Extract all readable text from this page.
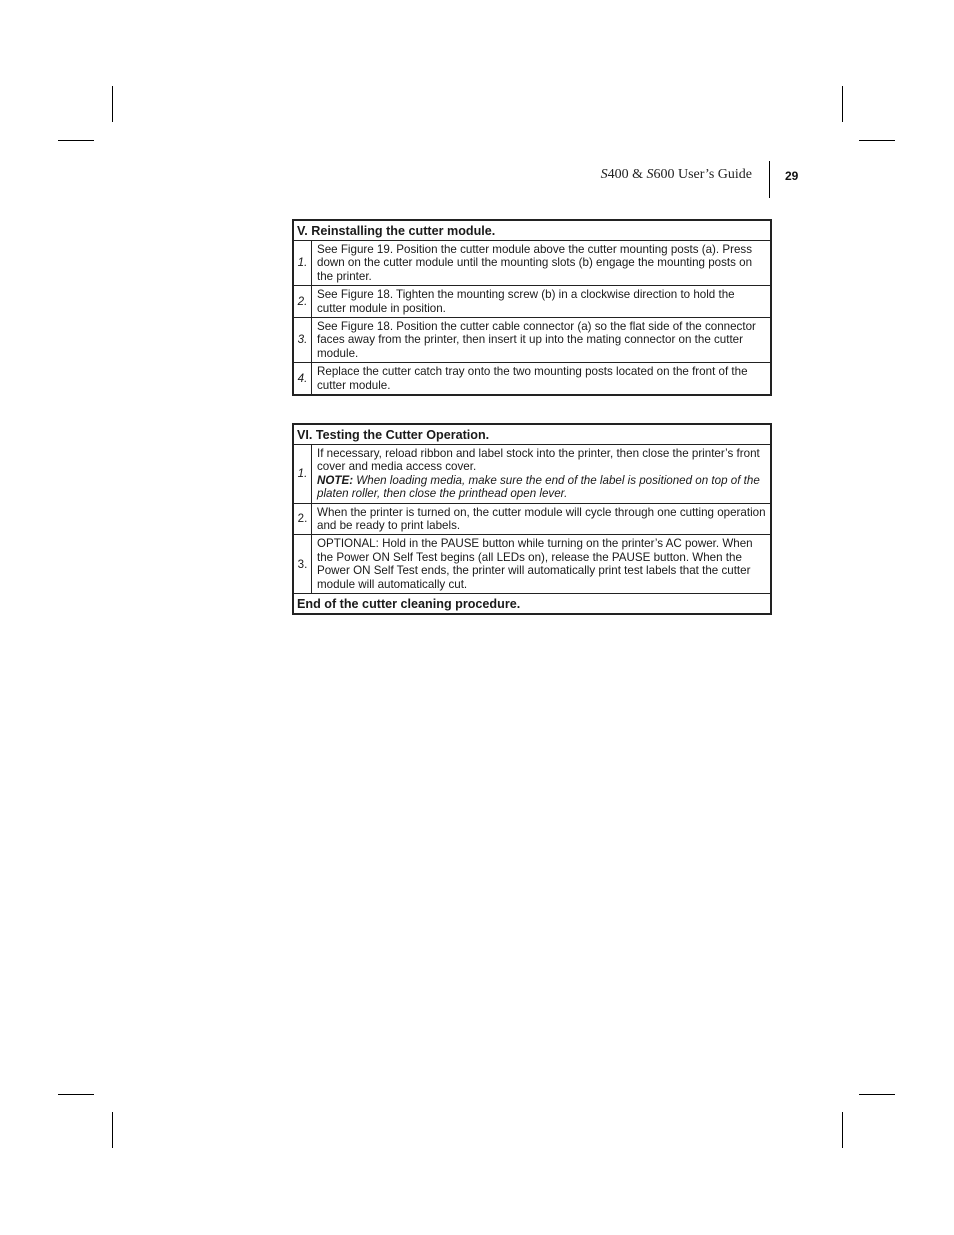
S400 & S600 User’s Guide	29
V. Reinstalling the cutter module.	
1.	See Figure 19. Position the cutter module above the cutter mounting posts (a). Press down on the cutter module until the mounting slots (b) engage the mounting posts on the printer.
2.	See Figure 18. Tighten the mounting screw (b) in a clockwise direction to hold the cutter module in position.
3.	See Figure 18. Position the cutter cable connector (a) so the flat side of the connector faces away from the printer, then insert it up into the mating connector on the cutter module.
4.	Replace the cutter catch tray onto the two mounting posts located on the front of the cutter module.
VI. Testing the Cutter Operation.	
1.	If necessary, reload ribbon and label stock into the printer, then close the printer’s front cover and media access cover.
NOTE: When loading media, make sure the end of the label is positioned on top of the platen roller, then close the printhead open lever.
2.	When the printer is turned on, the cutter module will cycle through one cutting operation and be ready to print labels.
3.	OPTIONAL: Hold in the PAUSE button while turning on the printer’s AC power. When the Power ON Self Test begins (all LEDs on), release the PAUSE button. When the Power ON Self Test ends, the printer will automatically print test labels that the cutter module will automatically cut.
End of the cutter cleaning procedure.	
